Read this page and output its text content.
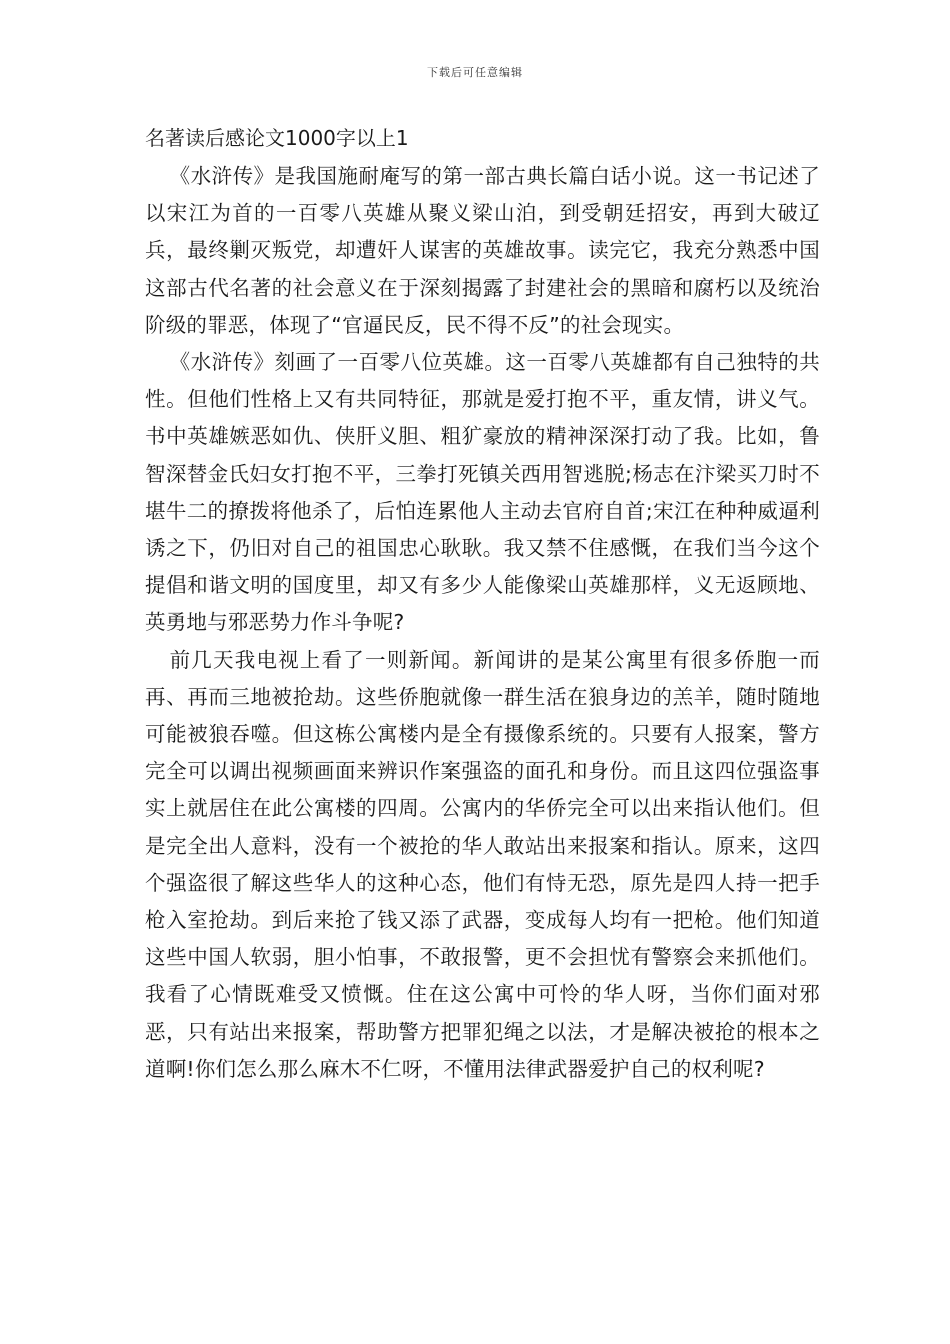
下载后可任意编辑
名著读后感论文1000字以上1

《水浒传》是我国施耐庵写的第一部古典长篇白话小说。这一书记述了以宋江为首的一百零八英雄从聚义梁山泊，到受朝廷招安，再到大破辽兵，最终剿灭叛党，却遭奸人谋害的英雄故事。读完它，我充分熟悉中国这部古代名著的社会意义在于深刻揭露了封建社会的黑暗和腐朽以及统治阶级的罪恶，体现了“官逼民反，民不得不反”的社会现实。

《水浒传》刻画了一百零八位英雄。这一百零八英雄都有自己独特的共性。但他们性格上又有共同特征，那就是爱打抱不平，重友情，讲义气。书中英雄嫉恶如仇、侠肝义胆、粗犷豪放的精神深深打动了我。比如，鲁智深替金氏妇女打抱不平，三拳打死镇关西用智逃脱;杨志在汴梁买刀时不堪牛二的撩拨将他杀了，后怕连累他人主动去官府自首;宋江在种种威逼利诱之下，仍旧对自己的祖国忠心耿耿。我又禁不住感慨，在我们当今这个提倡和谐文明的国度里，却又有多少人能像梁山英雄那样，义无返顾地、英勇地与邪恶势力作斗争呢?

前几天我电视上看了一则新闻。新闻讲的是某公寓里有很多侨胞一而再、再而三地被抢劫。这些侨胞就像一群生活在狼身边的羔羊，随时随地可能被狼吞噬。但这栋公寓楼内是全有摄像系统的。只要有人报案，警方完全可以调出视频画面来辨识作案强盗的面孔和身份。而且这四位强盗事实上就居住在此公寓楼的四周。公寓内的华侨完全可以出来指认他们。但是完全出人意料，没有一个被抢的华人敢站出来报案和指认。原来，这四个强盗很了解这些华人的这种心态，他们有恃无恐，原先是四人持一把手枪入室抢劫。到后来抢了钱又添了武器，变成每人均有一把枪。他们知道这些中国人软弱，胆小怕事，不敢报警，更不会担忧有警察会来抓他们。我看了心情既难受又愤慨。住在这公寓中可怜的华人呀，当你们面对邪恶，只有站出来报案，帮助警方把罪犯绳之以法，才是解决被抢的根本之道啊!你们怎么那么麻木不仁呀，不懂用法律武器爱护自己的权利呢?
